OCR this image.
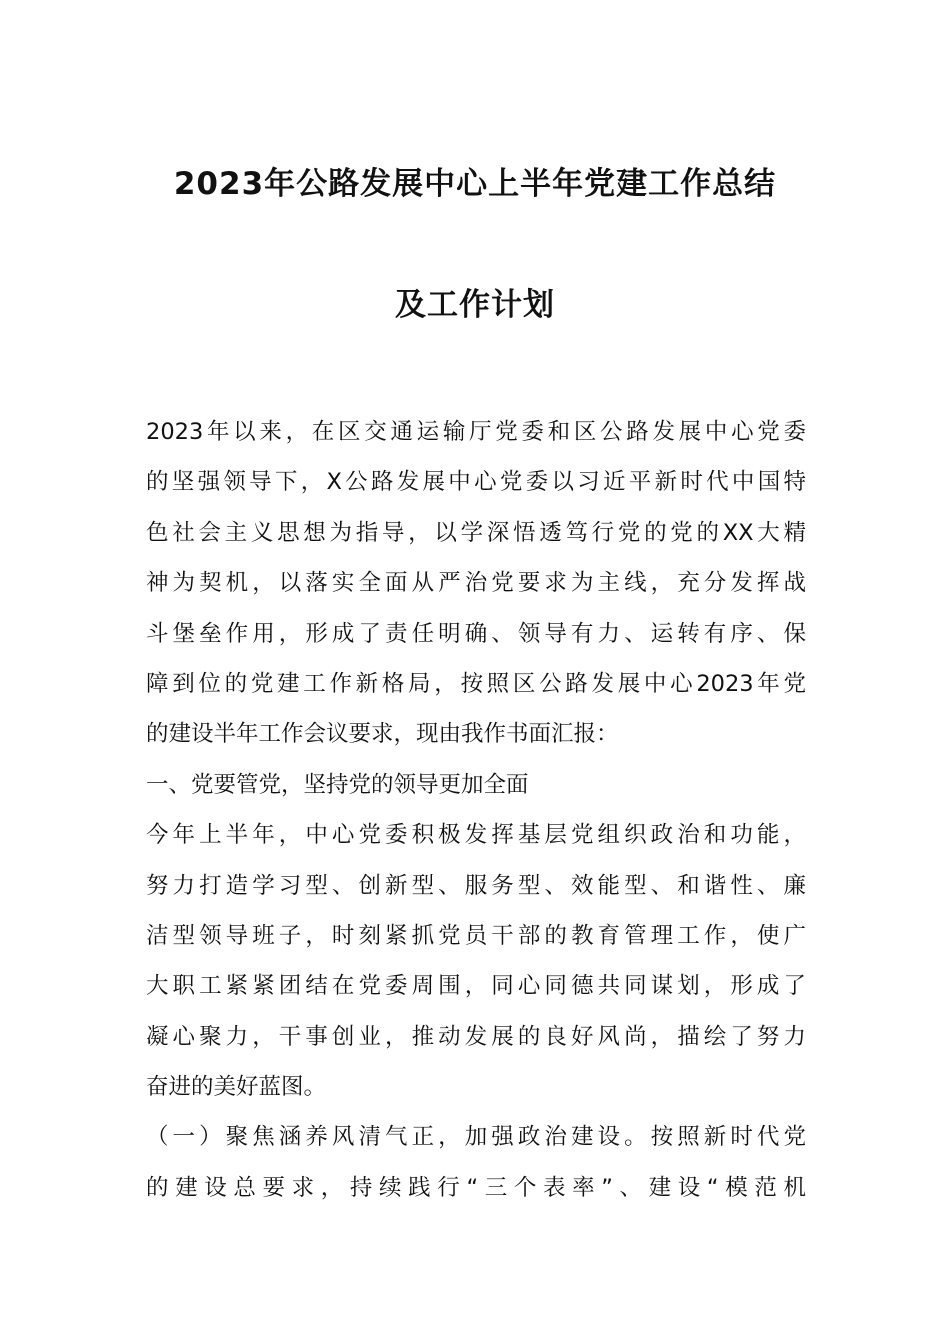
2023年公路发展中心上半年党建工作总结
及工作计划

2023年以来，在区交通运输厅党委和区公路发展中心党委

的坚强领导下，X公路发展中心党委以习近平新时代中国特

色社会主义思想为指导，以学深悟透笃行党的党的XX大精

神为契机，以落实全面从严治党要求为主线，充分发挥战

斗堡垒作用，形成了责任明确、领导有力、运转有序、保

障到位的党建工作新格局，按照区公路发展中心2023年党

的建设半年工作会议要求，现由我作书面汇报：

一、党要管党，坚持党的领导更加全面

今年上半年，中心党委积极发挥基层党组织政治和功能，

努力打造学习型、创新型、服务型、效能型、和谐性、廉

洁型领导班子，时刻紧抓党员干部的教育管理工作，使广

大职工紧紧团结在党委周围，同心同德共同谋划，形成了

凝心聚力，干事创业，推动发展的良好风尚，描绘了努力

奋进的美好蓝图。

（一）聚焦涵养风清气正，加强政治建设。按照新时代党

的建设总要求，持续践行“三个表率”、建设“模范机
